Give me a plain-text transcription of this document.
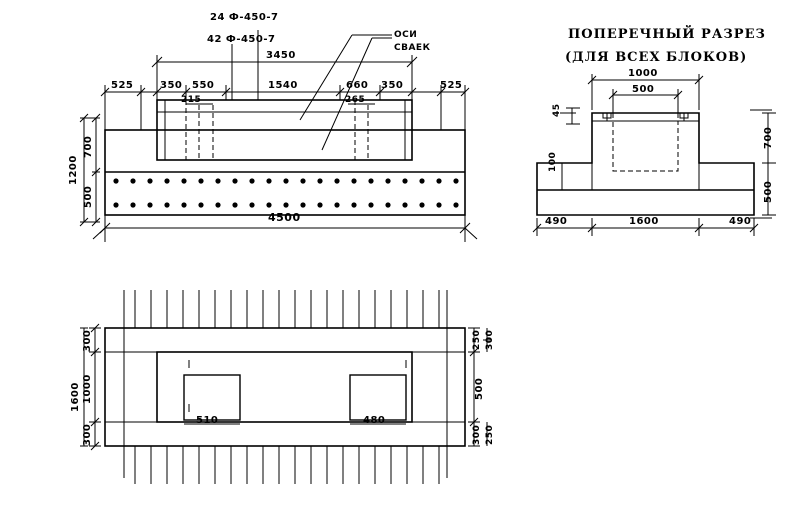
24 Ф-450-7
42 Ф-450-7	ОСИ
СВАЕК
3450
525	350 550	1540	660 350	525
215	265
1200
700
500
4500
ПОПЕРЕЧНЫЙ РАЗРЕЗ
(ДЛЯ ВСЕХ БЛОКОВ)
1000
500
45
100
700
500
490	1600	490
300
1000
300
1600
250 300
500
300 250
510	480
